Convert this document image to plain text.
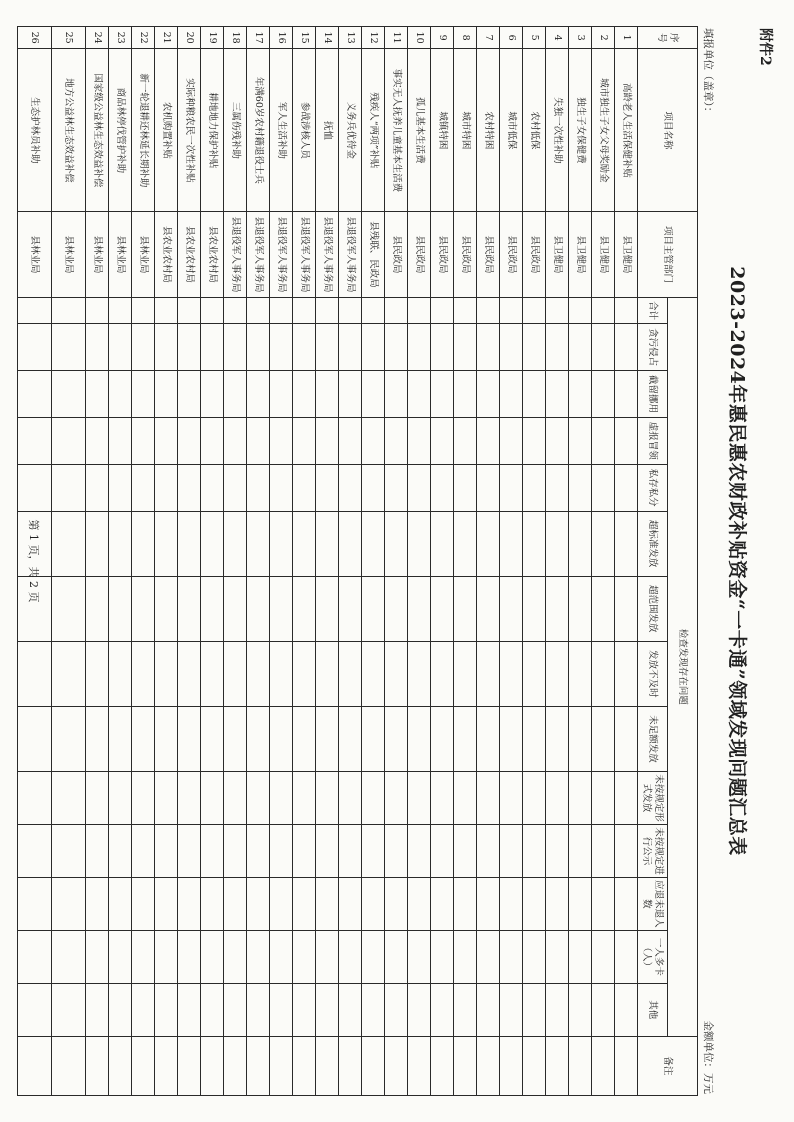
附件2
2023-2024年惠民惠农财政补贴资金“一卡通”领域发现问题汇总表
填报单位（盖章）：
金额单位：万元
序号	项目名称	项目主管部门	检查发现存在问题														备注
			合计	贪污侵占	截留挪用	虚报冒领	私存私分	超标准发放	超范围发放	发放不及时	未足额发放	未按规定形式发放	未按规定进行公示	应退未退人数	一人多卡（人）	其他	
1	高龄老人生活保健补贴	县卫健局															
2	城市独生子女父母奖励金	县卫健局															
3	独生子女保健费	县卫健局															
4	失独一次性补助	县卫健局															
5	农村低保	县民政局															
6	城市低保	县民政局															
7	农村特困	县民政局															
8	城市特困	县民政局															
9	城镇特困	县民政局															
10	孤儿基本生活费	县民政局															
11	事实无人抚养儿童基本生活费	县民政局															
12	残疾人“两项”补贴	县残联、民政局															
13	义务兵优待金	县退役军人事务局															
14	抚恤	县退役军人事务局															
15	参战涉核人员	县退役军人事务局															
16	军人生活补助	县退役军人事务局															
17	年满60岁农村籍退役士兵	县退役军人事务局															
18	三属伤残补助	县退役军人事务局															
19	耕地地力保护补贴	县农业农村局															
20	实际种粮农民一次性补贴	县农业农村局															
21	农机购置补贴	县农业农村局															
22	新一轮退耕还林延长期补助	县林业局															
23	商品林停伐管护补助	县林业局															
24	国家级公益林生态效益补偿	县林业局															
25	地方公益林生态效益补偿	县林业局															
26	生态护林员补助	县林业局															
第 1 页，共 2 页
